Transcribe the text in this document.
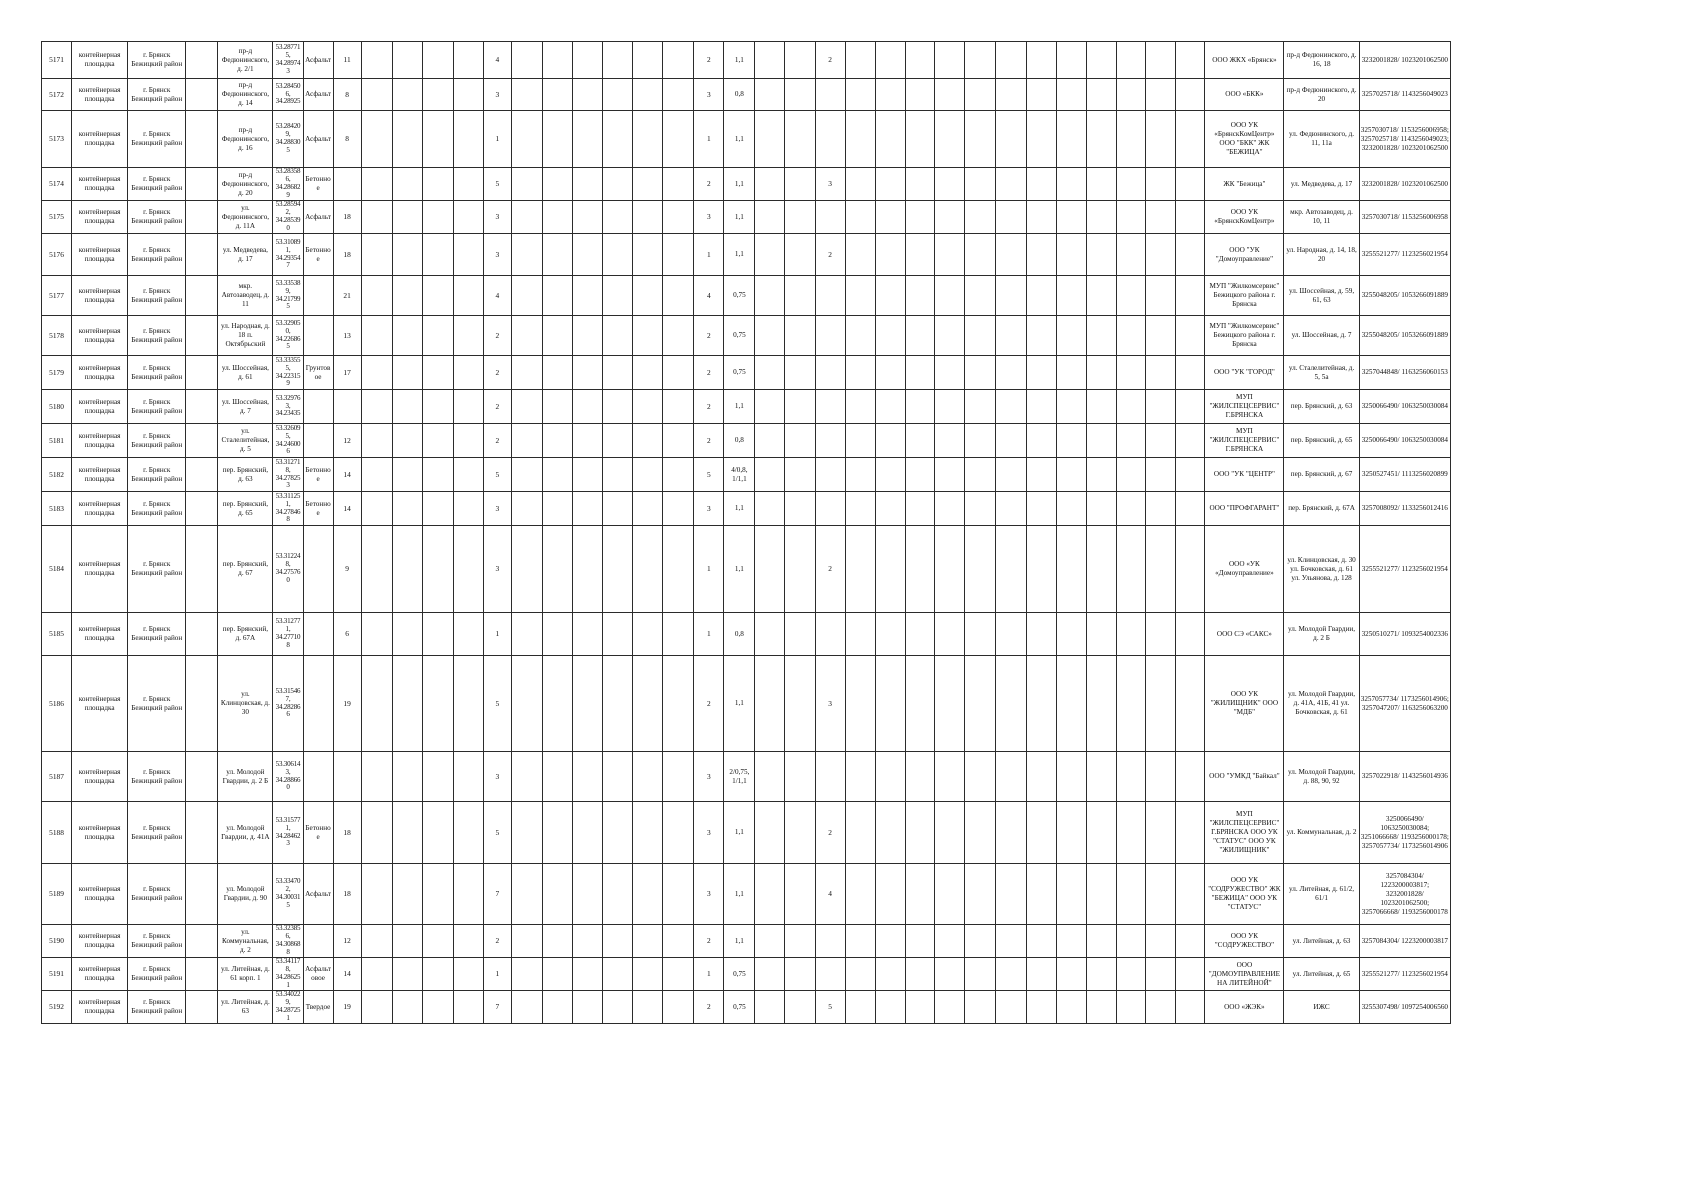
5171	контейнерная площадка	г. Брянск Бежицкий район		пр-д Федюнинского, д. 2/1	53.28771 5, 34.28974 3	Асфальт	11					4							2	1,1			2													ООО ЖКХ «Брянск»	пр-д Федюнинского, д. 16, 18	3232001828/ 1023201062500
5172	контейнерная площадка	г. Брянск Бежицкий район		пр-д Федюнинского, д. 14	53.28450 6, 34.28925	Асфальт	8					3							3	0,8																ООО «БКК»	пр-д Федюнинского, д. 20	3257025718/ 1143256049023
5173	контейнерная площадка	г. Брянск Бежицкий район		пр-д Федюнинского, д. 16	53.28420 9, 34.28830 5	Асфальт	8					1							1	1,1																ООО УК «БрянскКомЦентр» ООО "БКК" ЖК "БЕЖИЦА"	ул. Федюнинского, д. 11, 11а	3257030718/ 1153256006958; 3257025718/ 1143256049023; 3232001828/ 1023201062500
5174	контейнерная площадка	г. Брянск Бежицкий район		пр-д Федюнинского, д. 20	53.28358 6, 34.28682 9	Бетонное						5							2	1,1			3													ЖК "Бежица"	ул. Медведева, д. 17	3232001828/ 1023201062500
5175	контейнерная площадка	г. Брянск Бежицкий район		ул. Федюнинского, д. 11А	53.28594 2, 34.28539 0	Асфальт	18					3							3	1,1																ООО УК «БрянскКомЦентр»	мкр. Автозаводец, д. 10, 11	3257030718/ 1153256006958
5176	контейнерная площадка	г. Брянск Бежицкий район		ул. Медведева, д. 17	53.31089 1, 34.29354 7	Бетонное	18					3							1	1,1			2													ООО "УК "Домоуправление"	ул. Народная, д. 14, 18, 20	3255521277/ 1123256021954
5177	контейнерная площадка	г. Брянск Бежицкий район		мкр. Автозаводец, д. 11	53.33538 9, 34.21799 5		21					4							4	0,75																МУП "Жилкомсервис" Бежицкого района г. Брянска	ул. Шоссейная, д. 59, 61, 63	3255048205/ 1053266091889
5178	контейнерная площадка	г. Брянск Бежицкий район		ул. Народная, д. 18 п. Октябрьский	53.32905 0, 34.22686 5		13					2							2	0,75																МУП "Жилкомсервис" Бежицкого района г. Брянска	ул. Шоссейная, д. 7	3255048205/ 1053266091889
5179	контейнерная площадка	г. Брянск Бежицкий район		ул. Шоссейная, д. 61	53.33355 5, 34.22315 9	Грунтовое	17					2							2	0,75																ООО "УК "ГОРОД"	ул. Сталелитейная, д. 5, 5а	3257044848/ 1163256060153
5180	контейнерная площадка	г. Брянск Бежицкий район		ул. Шоссейная, д. 7	53.32976 3, 34.23435							2							2	1,1																МУП "ЖИЛСПЕЦСЕРВИС" Г.БРЯНСКА	пер. Брянский, д. 63	3250066490/ 1063250030084
5181	контейнерная площадка	г. Брянск Бежицкий район		ул. Сталелитейная, д. 5	53.32609 5, 34.24600 6		12					2							2	0,8																МУП "ЖИЛСПЕЦСЕРВИС" Г.БРЯНСКА	пер. Брянский, д. 65	3250066490/ 1063250030084
5182	контейнерная площадка	г. Брянск Бежицкий район		пер. Брянский, д. 63	53.31271 8, 34.27825 3	Бетонное	14					5							5	4/0,8, 1/1,1																ООО "УК "ЦЕНТР"	пер. Брянский, д. 67	3250527451/ 1113256020899
5183	контейнерная площадка	г. Брянск Бежицкий район		пер. Брянский, д. 65	53.31125 1, 34.27846 8	Бетонное	14					3							3	1,1																ООО "ПРОФГАРАНТ"	пер. Брянский, д. 67А	3257008092/ 1133256012416
5184	контейнерная площадка	г. Брянск Бежицкий район		пер. Брянский, д. 67	53.31224 8, 34.27576 0		9					3							1	1,1			2													ООО «УК «Домоуправление»	ул. Клинцовская, д. 30 ул. Бочковская, д. 61 ул. Ульянова, д. 128	3255521277/ 1123256021954
5185	контейнерная площадка	г. Брянск Бежицкий район		пер. Брянский, д. 67А	53.31277 1, 34.27710 8		6					1							1	0,8																ООО СЭ «САКС»	ул. Молодой Гвардии, д. 2 Б	3250510271/ 1093254002336
5186	контейнерная площадка	г. Брянск Бежицкий район		ул. Клинцовская, д. 30	53.31546 7, 34.28286 6		19					5							2	1,1			3													ООО УК "ЖИЛИЩНИК" ООО "МДБ"	ул. Молодой Гвардии, д. 41А, 41Б, 41 ул. Бочковская, д. 61	3257057734/ 1173256014906; 3257047207/ 1163256063200
5187	контейнерная площадка	г. Брянск Бежицкий район		ул. Молодой Гвардии, д. 2 Б	53.30614 3, 34.28866 0							3							3	2/0,75, 1/1,1																ООО "УМКД "Байкал"	ул. Молодой Гвардии, д. 88, 90, 92	3257022918/ 1143256014936
5188	контейнерная площадка	г. Брянск Бежицкий район		ул. Молодой Гвардии, д. 41А	53.31577 1, 34.28462 3	Бетонное	18					5							3	1,1			2													МУП "ЖИЛСПЕЦСЕРВИС" Г.БРЯНСКА ООО УК "СТАТУС" ООО УК "ЖИЛИЩНИК"	ул. Коммунальная, д. 2	3250066490/ 1063250030084; 3251066668/ 1193256000178; 3257057734/ 1173256014906
5189	контейнерная площадка	г. Брянск Бежицкий район		ул. Молодой Гвардии, д. 90	53.33470 2, 34.30031 5	Асфальт	18					7							3	1,1			4													ООО УК "СОДРУЖЕСТВО" ЖК "БЕЖИЦА" ООО УК "СТАТУС"	ул. Литейная, д. 61/2, 61/1	3257084304/ 1223200003817; 3232001828/ 1023201062500; 3257066668/ 1193256000178
5190	контейнерная площадка	г. Брянск Бежицкий район		ул. Коммунальная, д. 2	53.32385 6, 34.30868 8		12					2							2	1,1																ООО УК "СОДРУЖЕСТВО"	ул. Литейная, д. 63	3257084304/ 1223200003817
5191	контейнерная площадка	г. Брянск Бежицкий район		ул. Литейная, д. 61 корп. 1	53.34117 8, 34.28625 1	Асфальтовое	14					1							1	0,75																ООО "ДОМОУПРАВЛЕНИЕ НА ЛИТЕЙНОЙ"	ул. Литейная, д. 65	3255521277/ 1123256021954
5192	контейнерная площадка	г. Брянск Бежицкий район		ул. Литейная, д. 63	53.34022 9, 34.28725 1	Твердое	19					7							2	0,75			5													ООО «ЖЭК»	ИЖС	3255307498/ 1097254006560
